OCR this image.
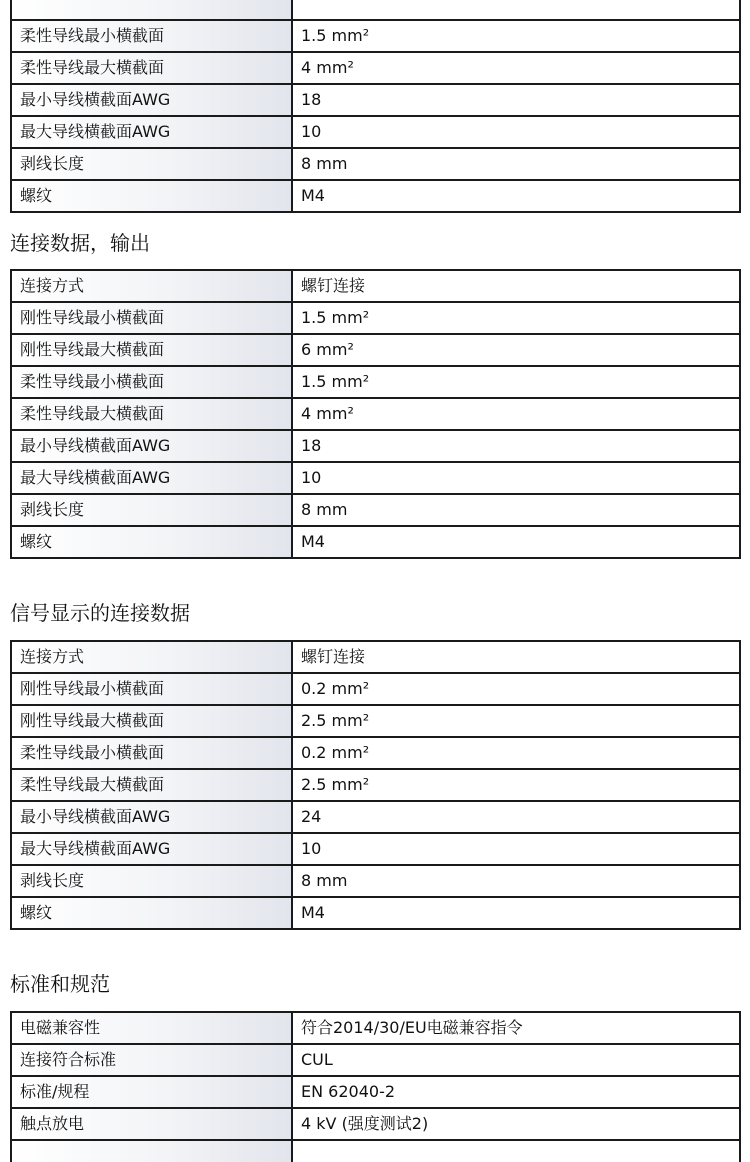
柔性导线最小横截面	1.5 mm²
柔性导线最大横截面	4 mm²
最小导线横截面AWG	18
最大导线横截面AWG	10
剥线长度	8 mm
螺纹	M4
连接数据，输出
连接方式	螺钉连接
刚性导线最小横截面	1.5 mm²
刚性导线最大横截面	6 mm²
柔性导线最小横截面	1.5 mm²
柔性导线最大横截面	4 mm²
最小导线横截面AWG	18
最大导线横截面AWG	10
剥线长度	8 mm
螺纹	M4
信号显示的连接数据
连接方式	螺钉连接
刚性导线最小横截面	0.2 mm²
刚性导线最大横截面	2.5 mm²
柔性导线最小横截面	0.2 mm²
柔性导线最大横截面	2.5 mm²
最小导线横截面AWG	24
最大导线横截面AWG	10
剥线长度	8 mm
螺纹	M4
标准和规范
电磁兼容性	符合2014/30/EU电磁兼容指令
连接符合标准	CUL
标准/规程	EN 62040-2
触点放电	4 kV (强度测试2)
